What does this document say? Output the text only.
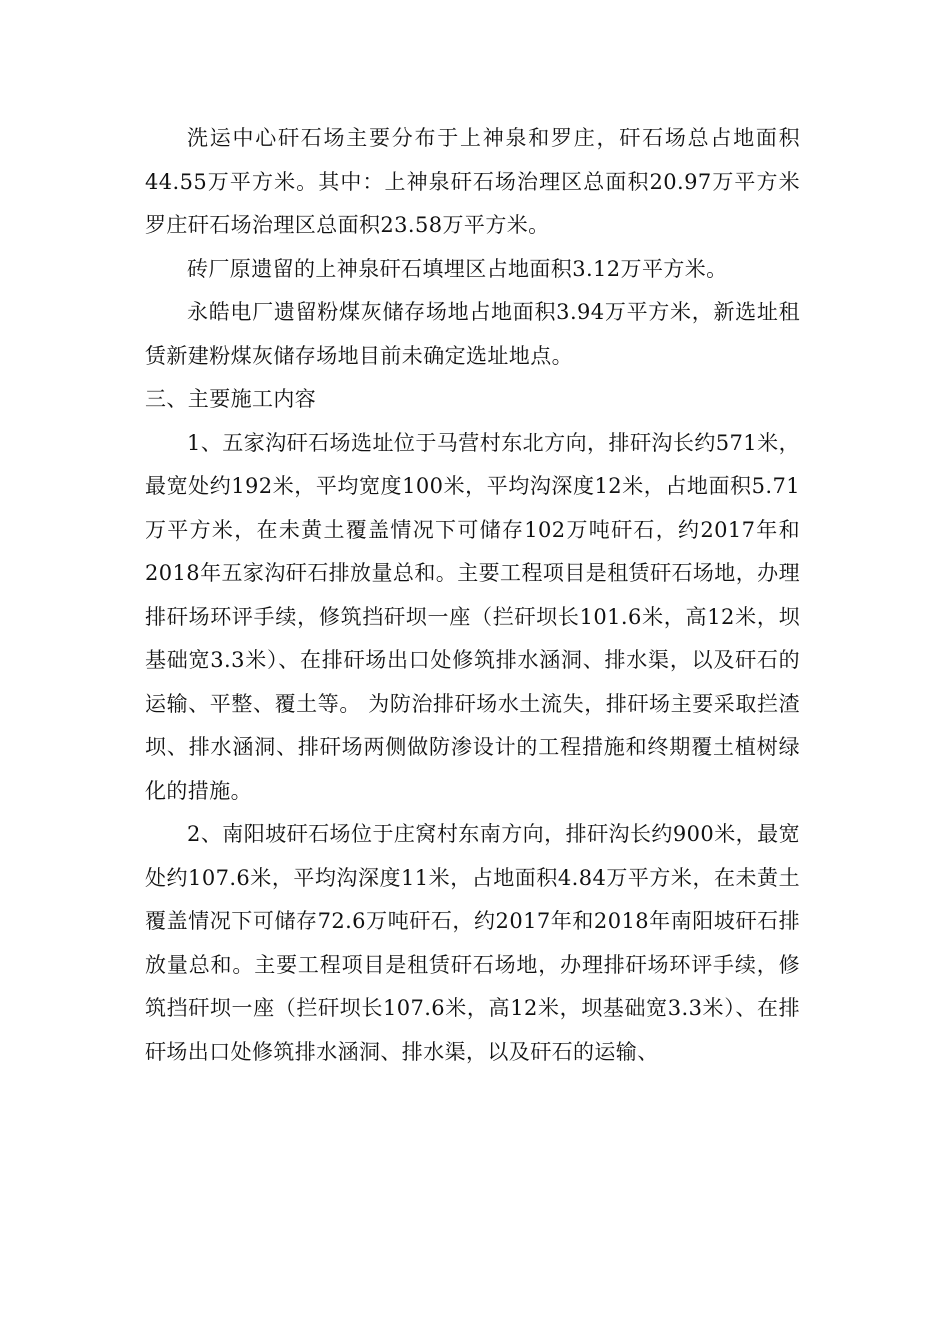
洗运中心矸石场主要分布于上神泉和罗庄，矸石场总占地面积44.55万平方米。其中：上神泉矸石场治理区总面积20.97万平方米罗庄矸石场治理区总面积23.58万平方米。

砖厂原遗留的上神泉矸石填埋区占地面积3.12万平方米。

永皓电厂遗留粉煤灰储存场地占地面积3.94万平方米，新选址租赁新建粉煤灰储存场地目前未确定选址地点。

三、主要施工内容

1、五家沟矸石场选址位于马营村东北方向，排矸沟长约571米，最宽处约192米，平均宽度100米，平均沟深度12米，占地面积5.71万平方米，在未黄土覆盖情况下可储存102万吨矸石，约2017年和2018年五家沟矸石排放量总和。主要工程项目是租赁矸石场地，办理排矸场环评手续，修筑挡矸坝一座（拦矸坝长101.6米，高12米，坝基础宽3.3米）、在排矸场出口处修筑排水涵洞、排水渠，以及矸石的运输、平整、覆土等。 为防治排矸场水土流失，排矸场主要采取拦渣坝、排水涵洞、排矸场两侧做防渗设计的工程措施和终期覆土植树绿化的措施。

2、南阳坡矸石场位于庄窝村东南方向，排矸沟长约900米，最宽处约107.6米，平均沟深度11米，占地面积4.84万平方米，在未黄土覆盖情况下可储存72.6万吨矸石，约2017年和2018年南阳坡矸石排放量总和。主要工程项目是租赁矸石场地，办理排矸场环评手续，修筑挡矸坝一座（拦矸坝长107.6米，高12米，坝基础宽3.3米）、在排矸场出口处修筑排水涵洞、排水渠，以及矸石的运输、
